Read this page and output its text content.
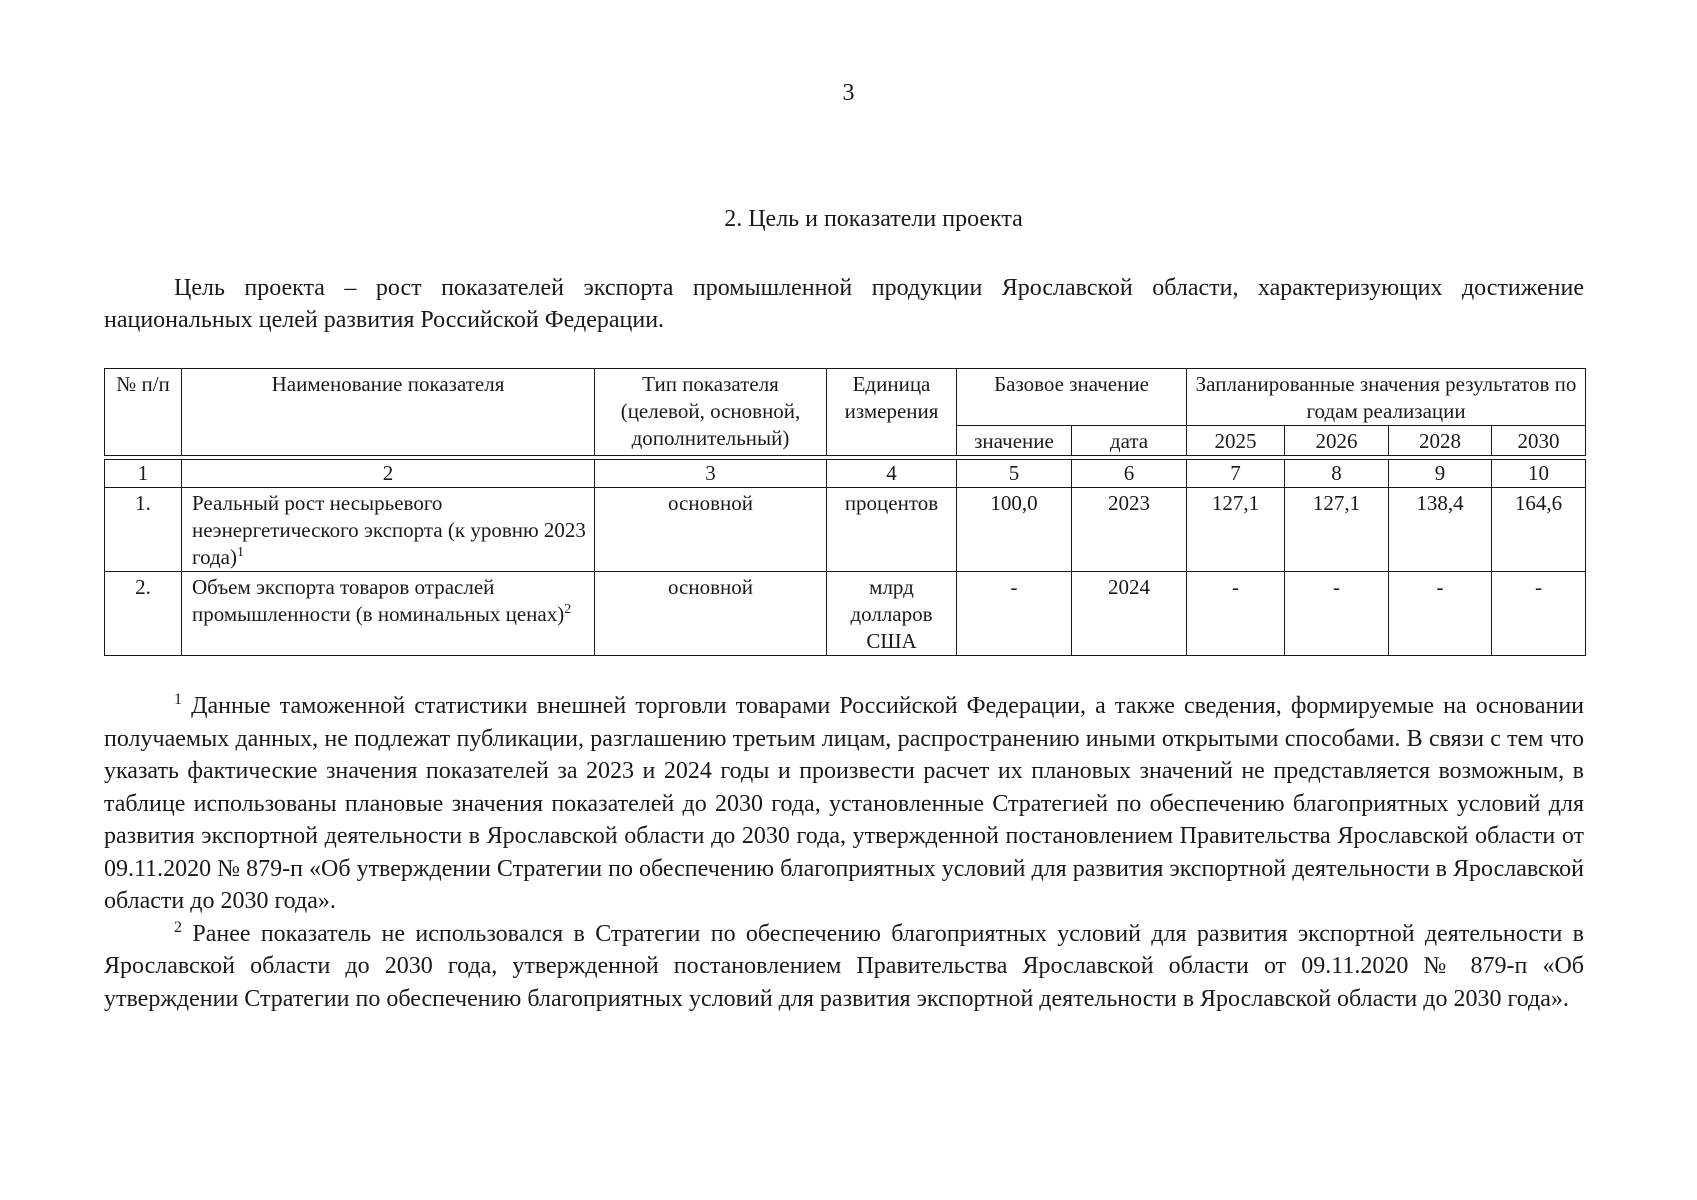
3
2. Цель и показатели проекта

Цель проекта – рост показателей экспорта промышленной продукции Ярославской области, характеризующих достижение национальных целей развития Российской Федерации.

№ п/п	Наименование показателя	Тип показателя (целевой, основной, дополнительный)	Единица измерения	Базовое значение		Запланированные значения результатов по годам реализации			
				значение	дата	2025	2026	2028	2030

1	2	3	4	5	6	7	8	9	10
1.	Реальный рост несырьевого неэнергетического экспорта (к уровню 2023 года)$^1$	основной	процентов	100,0	2023	127,1	127,1	138,4	164,6
2.	Объем экспорта товаров отраслей промышленности (в номинальных ценах)$^2$	основной	млрд долларов США	-	2024	-	-	-	-

$^1$ Данные таможенной статистики внешней торговли товарами Российской Федерации, а также сведения, формируемые на основании получаемых данных, не подлежат публикации, разглашению третьим лицам, распространению иными открытыми способами. В связи с тем что указать фактические значения показателей за 2023 и 2024 годы и произвести расчет их плановых значений не представляется возможным, в таблице использованы плановые значения показателей до 2030 года, установленные Стратегией по обеспечению благоприятных условий для развития экспортной деятельности в Ярославской области до 2030 года, утвержденной постановлением Правительства Ярославской области от 09.11.2020 № 879-п «Об утверждении Стратегии по обеспечению благоприятных условий для развития экспортной деятельности в Ярославской области до 2030 года».

$^2$ Ранее показатель не использовался в Стратегии по обеспечению благоприятных условий для развития экспортной деятельности в Ярославской области до 2030 года, утвержденной постановлением Правительства Ярославской области от 09.11.2020 № 879-п «Об утверждении Стратегии по обеспечению благоприятных условий для развития экспортной деятельности в Ярославской области до 2030 года».
